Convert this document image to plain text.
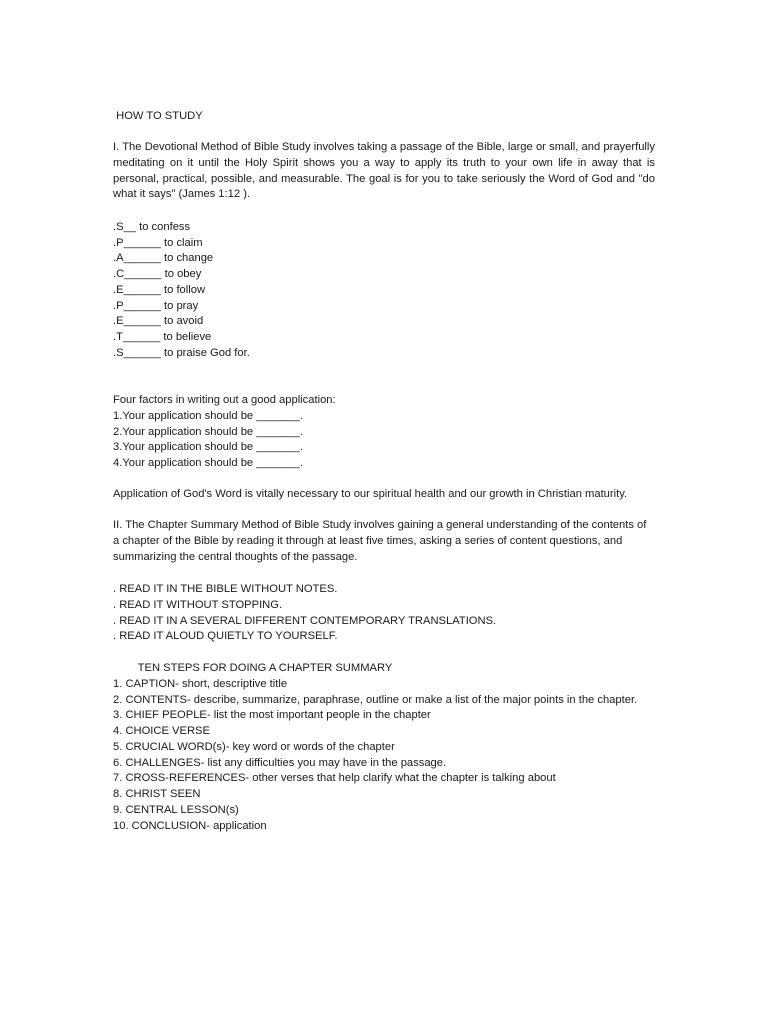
HOW TO STUDY
I. The Devotional Method of Bible Study involves taking a passage of the Bible, large or small, and prayerfully meditating on it until the Holy Spirit shows you a way to apply its truth to your own life in away that is personal, practical, possible, and measurable. The goal is for you to take seriously the Word of God and "do what it says" (James 1:12 ).
.S__ to confess
.P______ to claim
.A______ to change
.C______ to obey
.E______ to follow
.P______ to pray
.E______ to avoid
.T______ to believe
.S______ to praise God for.
Four factors in writing out a good application:
1.Your application should be _______.
2.Your application should be _______.
3.Your application should be _______.
4.Your application should be _______.
Application of God's Word is vitally necessary to our spiritual health and our growth in Christian maturity.
II. The Chapter Summary Method of Bible Study involves gaining a general understanding of the contents of a chapter of the Bible by reading it through at least five times, asking a series of content questions, and summarizing the central thoughts of the passage.
. READ IT IN THE BIBLE WITHOUT NOTES.
. READ IT WITHOUT STOPPING.
. READ IT IN A SEVERAL DIFFERENT CONTEMPORARY TRANSLATIONS.
. READ IT ALOUD QUIETLY TO YOURSELF.
TEN STEPS FOR DOING A CHAPTER SUMMARY
1. CAPTION- short, descriptive title
2. CONTENTS- describe, summarize, paraphrase, outline or make a list of the major points in the chapter.
3. CHIEF PEOPLE- list the most important people in the chapter
4. CHOICE VERSE
5. CRUCIAL WORD(s)- key word or words of the chapter
6. CHALLENGES- list any difficulties you may have in the passage.
7. CROSS-REFERENCES- other verses that help clarify what the chapter is talking about
8. CHRIST SEEN
9. CENTRAL LESSON(s)
10. CONCLUSION- application
